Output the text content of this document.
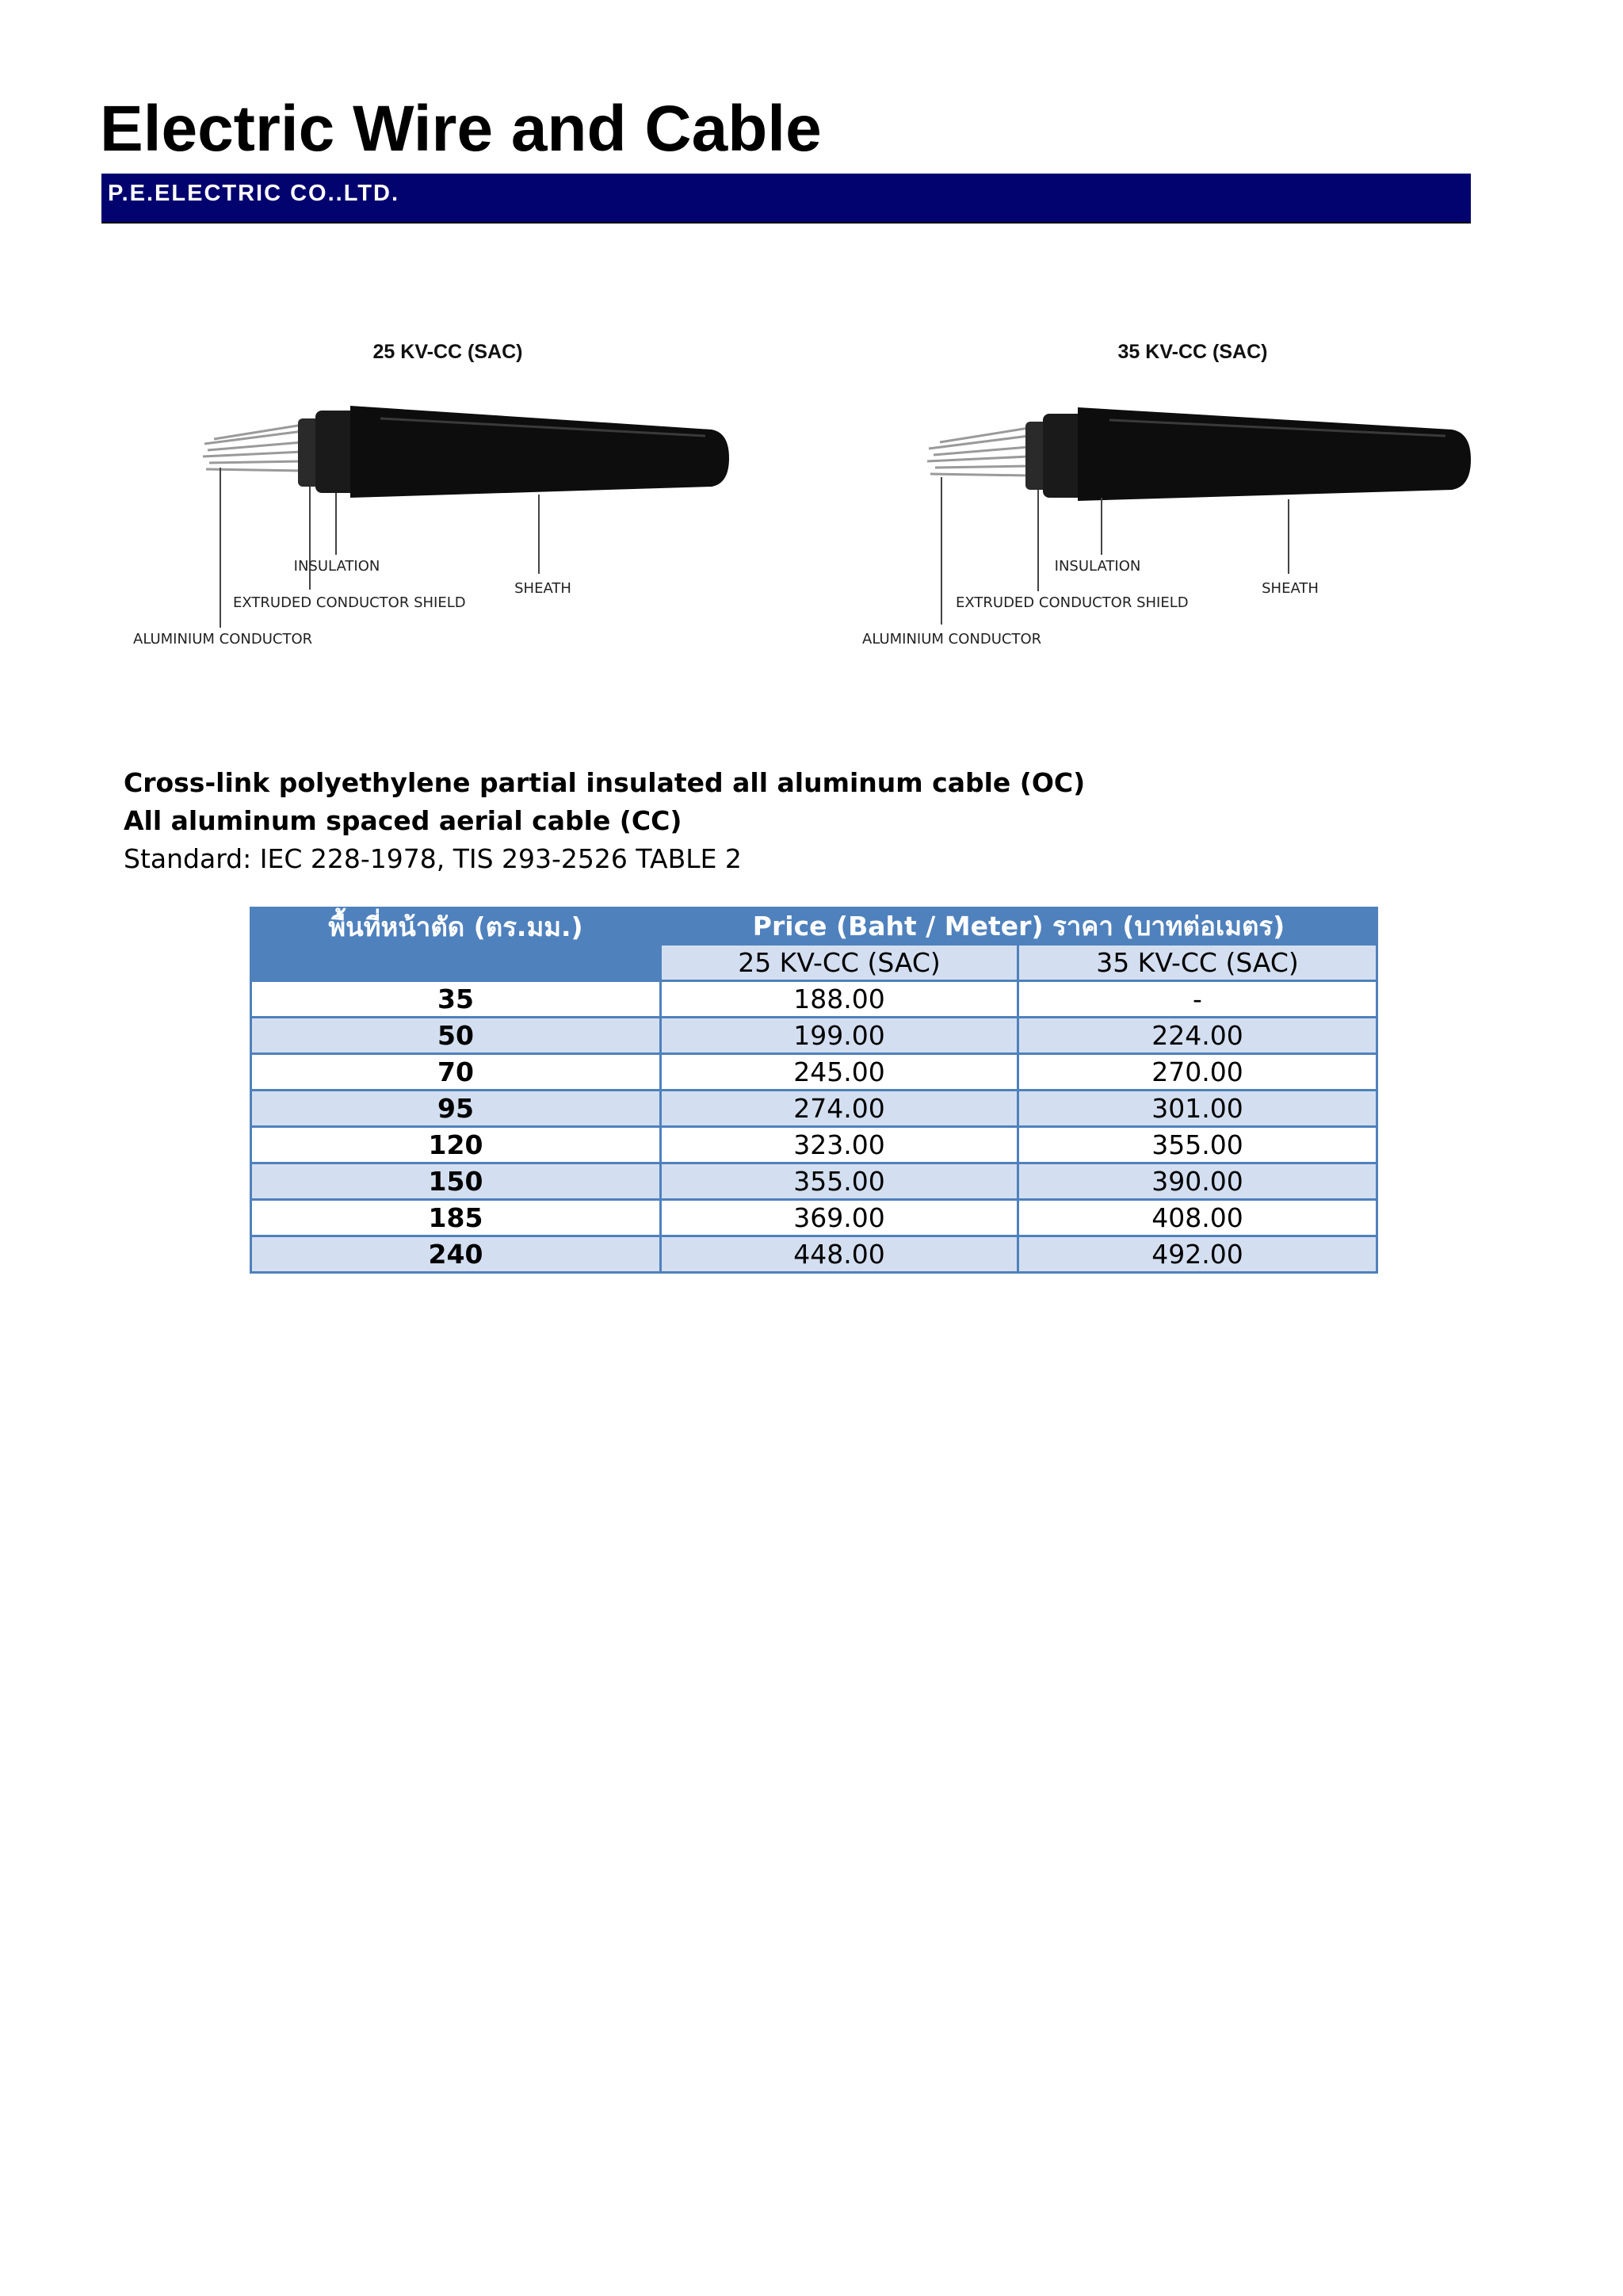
Electric Wire and Cable
P.E.ELECTRIC CO..LTD.
25 KV-CC (SAC)
INSULATION
SHEATH
EXTRUDED CONDUCTOR SHIELD
ALUMINIUM CONDUCTOR
35 KV-CC (SAC)
INSULATION
SHEATH
EXTRUDED CONDUCTOR SHIELD
ALUMINIUM CONDUCTOR
Cross-link polyethylene partial insulated all aluminum cable (OC)
All aluminum spaced aerial cable (CC)
Standard: IEC 228-1978, TIS 293-2526 TABLE 2
พื้นที่หน้าตัด (ตร.มม.)	Price (Baht / Meter) ราคา (บาทต่อเมตร)	
	25 KV-CC (SAC)	35 KV-CC (SAC)
35	188.00	-
50	199.00	224.00
70	245.00	270.00
95	274.00	301.00
120	323.00	355.00
150	355.00	390.00
185	369.00	408.00
240	448.00	492.00
